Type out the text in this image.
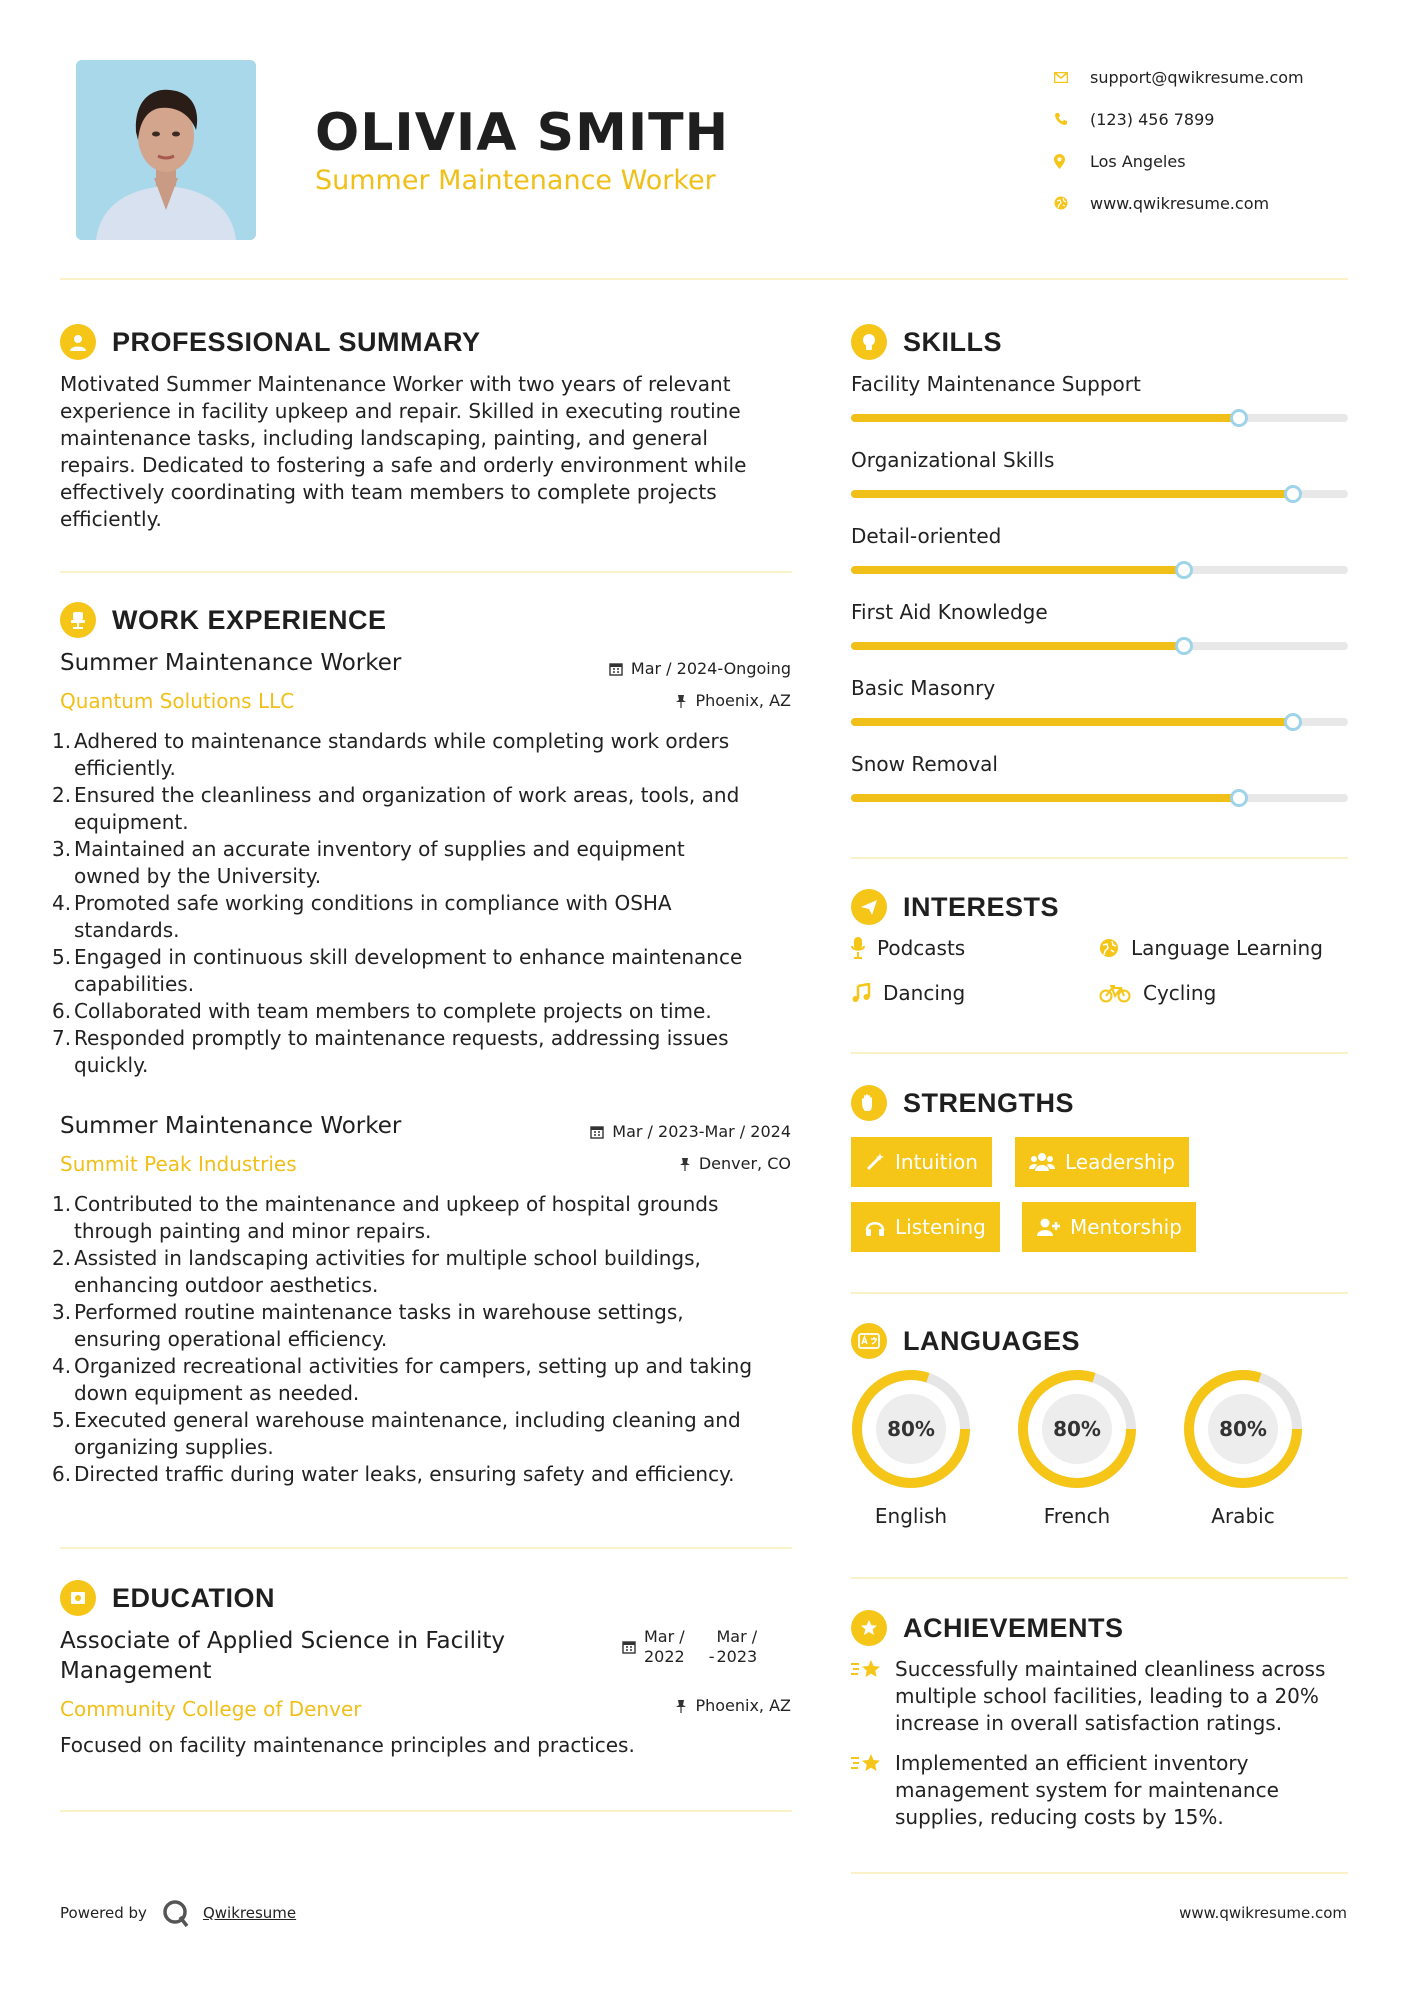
OLIVIA SMITH
Summer Maintenance Worker
support@qwikresume.com
(123) 456 7899
Los Angeles
www.qwikresume.com
PROFESSIONAL SUMMARY
Motivated Summer Maintenance Worker with two years of relevant
experience in facility upkeep and repair. Skilled in executing routine
maintenance tasks, including landscaping, painting, and general
repairs. Dedicated to fostering a safe and orderly environment while
effectively coordinating with team members to complete projects
efficiently.
WORK EXPERIENCE
Summer Maintenance Worker
Quantum Solutions LLC
Mar / 2024-Ongoing
Phoenix, AZ
1. Adhered to maintenance standards while completing work orders
efficiently.
2. Ensured the cleanliness and organization of work areas, tools, and
equipment.
3. Maintained an accurate inventory of supplies and equipment
owned by the University.
4. Promoted safe working conditions in compliance with OSHA
standards.
5. Engaged in continuous skill development to enhance maintenance
capabilities.
6. Collaborated with team members to complete projects on time.
7. Responded promptly to maintenance requests, addressing issues
quickly.
Summer Maintenance Worker
Summit Peak Industries
Mar / 2023-Mar / 2024
Denver, CO
1. Contributed to the maintenance and upkeep of hospital grounds
through painting and minor repairs.
2. Assisted in landscaping activities for multiple school buildings,
enhancing outdoor aesthetics.
3. Performed routine maintenance tasks in warehouse settings,
ensuring operational efficiency.
4. Organized recreational activities for campers, setting up and taking
down equipment as needed.
5. Executed general warehouse maintenance, including cleaning and
organizing supplies.
6. Directed traffic during water leaks, ensuring safety and efficiency.
EDUCATION
Associate of Applied Science in Facility
Management
Community College of Denver
Mar /
2022 -
Mar /
2023
Phoenix, AZ
Focused on facility maintenance principles and practices.
SKILLS
Facility Maintenance Support
Organizational Skills
Detail-oriented
First Aid Knowledge
Basic Masonry
Snow Removal
INTERESTS
Podcasts	Language Learning
Dancing	Cycling
STRENGTHS
Intuition	Leadership
Listening	Mentorship
LANGUAGES
80%
English
80%
French
80%
Arabic
ACHIEVEMENTS
Successfully maintained cleanliness across
multiple school facilities, leading to a 20%
increase in overall satisfaction ratings.
Implemented an efficient inventory
management system for maintenance
supplies, reducing costs by 15%.
Powered by	Qwikresume	www.qwikresume.com
